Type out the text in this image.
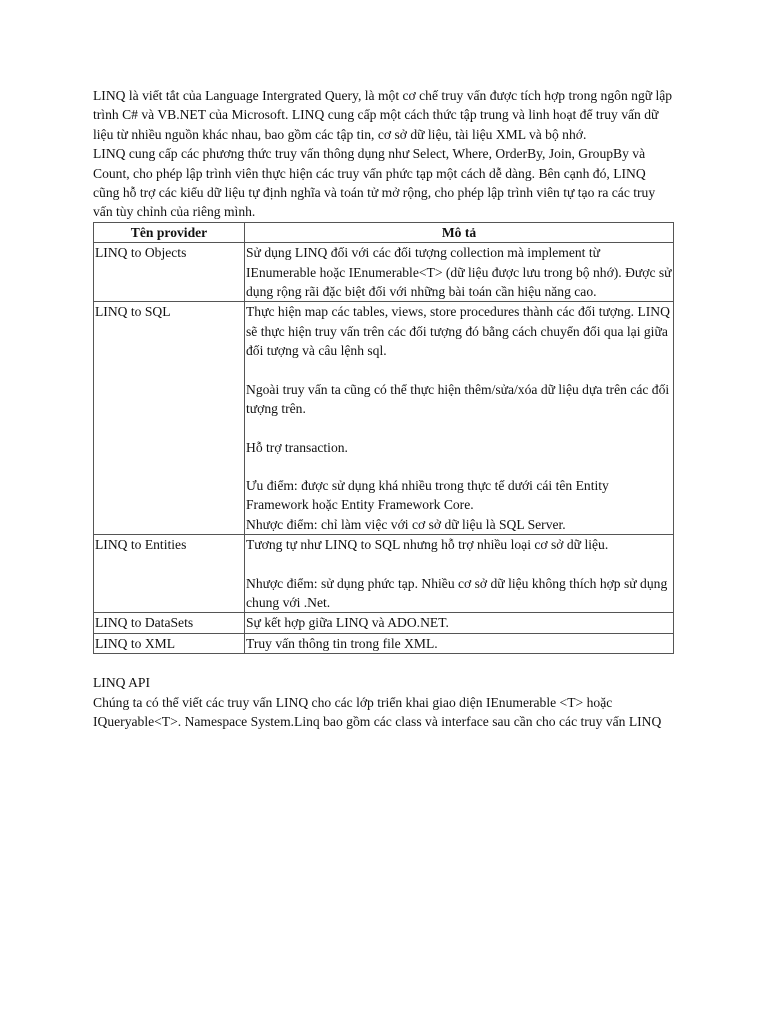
LINQ là viết tắt của Language Intergrated Query, là một cơ chế truy vấn được tích hợp trong ngôn ngữ lập trình C# và VB.NET của Microsoft. LINQ cung cấp một cách thức tập trung và linh hoạt để truy vấn dữ liệu từ nhiều nguồn khác nhau, bao gồm các tập tin, cơ sở dữ liệu, tài liệu XML và bộ nhớ.

LINQ cung cấp các phương thức truy vấn thông dụng như Select, Where, OrderBy, Join, GroupBy và Count, cho phép lập trình viên thực hiện các truy vấn phức tạp một cách dễ dàng. Bên cạnh đó, LINQ cũng hỗ trợ các kiểu dữ liệu tự định nghĩa và toán tử mở rộng, cho phép lập trình viên tự tạo ra các truy vấn tùy chỉnh của riêng mình.

Tên provider	Mô tả
LINQ to Objects	Sử dụng LINQ đối với các đối tượng collection mà implement từ IEnumerable hoặc IEnumerable<T> (dữ liệu được lưu trong bộ nhớ). Được sử dụng rộng rãi đặc biệt đối với những bài toán cần hiệu năng cao.

LINQ to SQL	Thực hiện map các tables, views, store procedures thành các đối tượng. LINQ sẽ thực hiện truy vấn trên các đối tượng đó bằng cách chuyển đổi qua lại giữa đối tượng và câu lệnh sql.
Ngoài truy vấn ta cũng có thể thực hiện thêm/sửa/xóa dữ liệu dựa trên các đối tượng trên.
Hỗ trợ transaction.
Ưu điểm: được sử dụng khá nhiều trong thực tế dưới cái tên Entity Framework hoặc Entity Framework Core.
Nhược điểm: chỉ làm việc với cơ sở dữ liệu là SQL Server.

LINQ to Entities	Tương tự như LINQ to SQL nhưng hỗ trợ nhiều loại cơ sở dữ liệu.
Nhược điểm: sử dụng phức tạp. Nhiều cơ sở dữ liệu không thích hợp sử dụng chung với .Net.

LINQ to DataSets	Sự kết hợp giữa LINQ và ADO.NET.

LINQ to XML	Truy vấn thông tin trong file XML.

LINQ API

Chúng ta có thể viết các truy vấn LINQ cho các lớp triển khai giao diện IEnumerable <T> hoặc IQueryable<T>. Namespace System.Linq bao gồm các class và interface sau cần cho các truy vấn LINQ
